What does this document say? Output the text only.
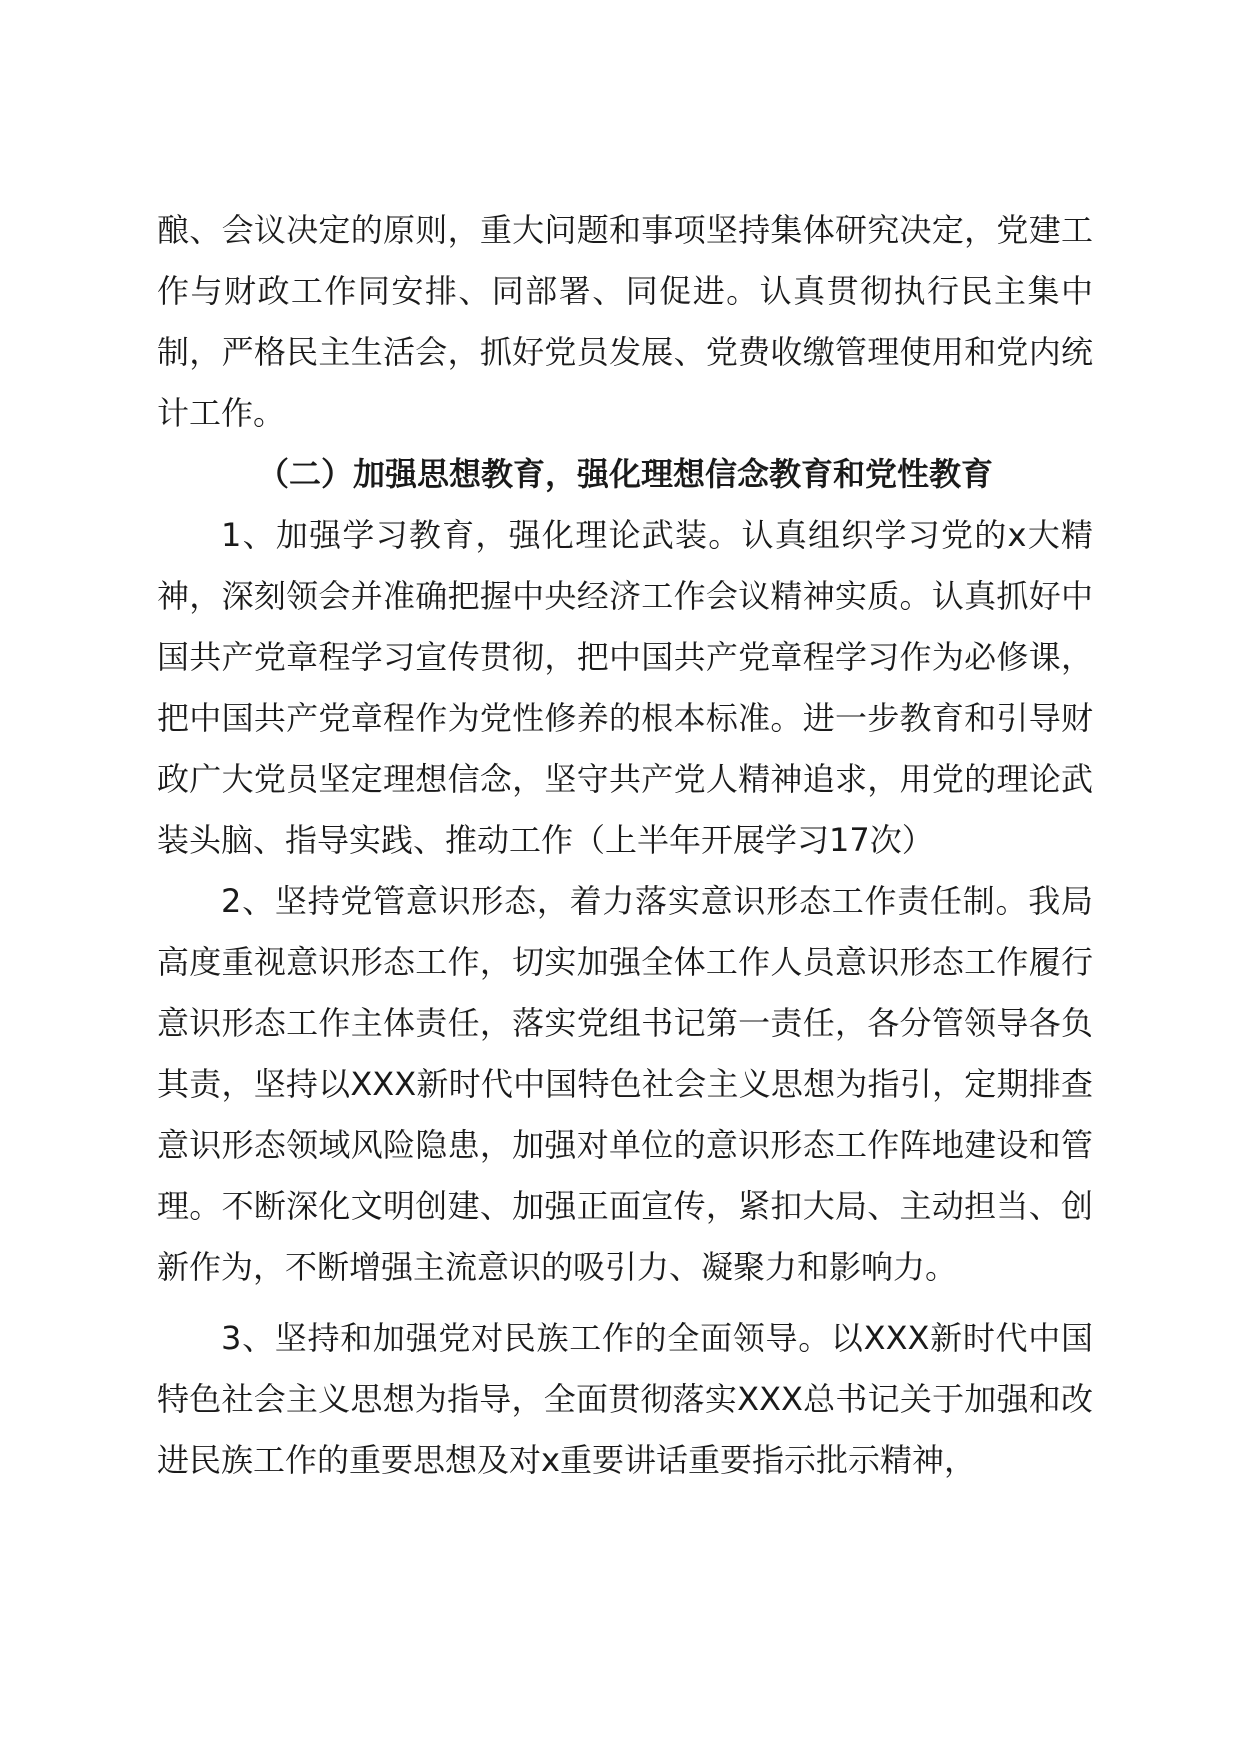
酿、会议决定的原则，重大问题和事项坚持集体研究决定，党建工作与财政工作同安排、同部署、同促进。认真贯彻执行民主集中制，严格民主生活会，抓好党员发展、党费收缴管理使用和党内统计工作。

（二）加强思想教育，强化理想信念教育和党性教育

1、加强学习教育，强化理论武装。认真组织学习党的x大精神，深刻领会并准确把握中央经济工作会议精神实质。认真抓好中国共产党章程学习宣传贯彻，把中国共产党章程学习作为必修课，把中国共产党章程作为党性修养的根本标准。进一步教育和引导财政广大党员坚定理想信念，坚守共产党人精神追求，用党的理论武装头脑、指导实践、推动工作（上半年开展学习17次）

2、坚持党管意识形态，着力落实意识形态工作责任制。我局高度重视意识形态工作，切实加强全体工作人员意识形态工作履行意识形态工作主体责任，落实党组书记第一责任，各分管领导各负其责，坚持以XXX新时代中国特色社会主义思想为指引，定期排查意识形态领域风险隐患，加强对单位的意识形态工作阵地建设和管理。不断深化文明创建、加强正面宣传，紧扣大局、主动担当、创新作为，不断增强主流意识的吸引力、凝聚力和影响力。

3、坚持和加强党对民族工作的全面领导。以XXX新时代中国特色社会主义思想为指导，全面贯彻落实XXX总书记关于加强和改进民族工作的重要思想及对x重要讲话重要指示批示精神，
